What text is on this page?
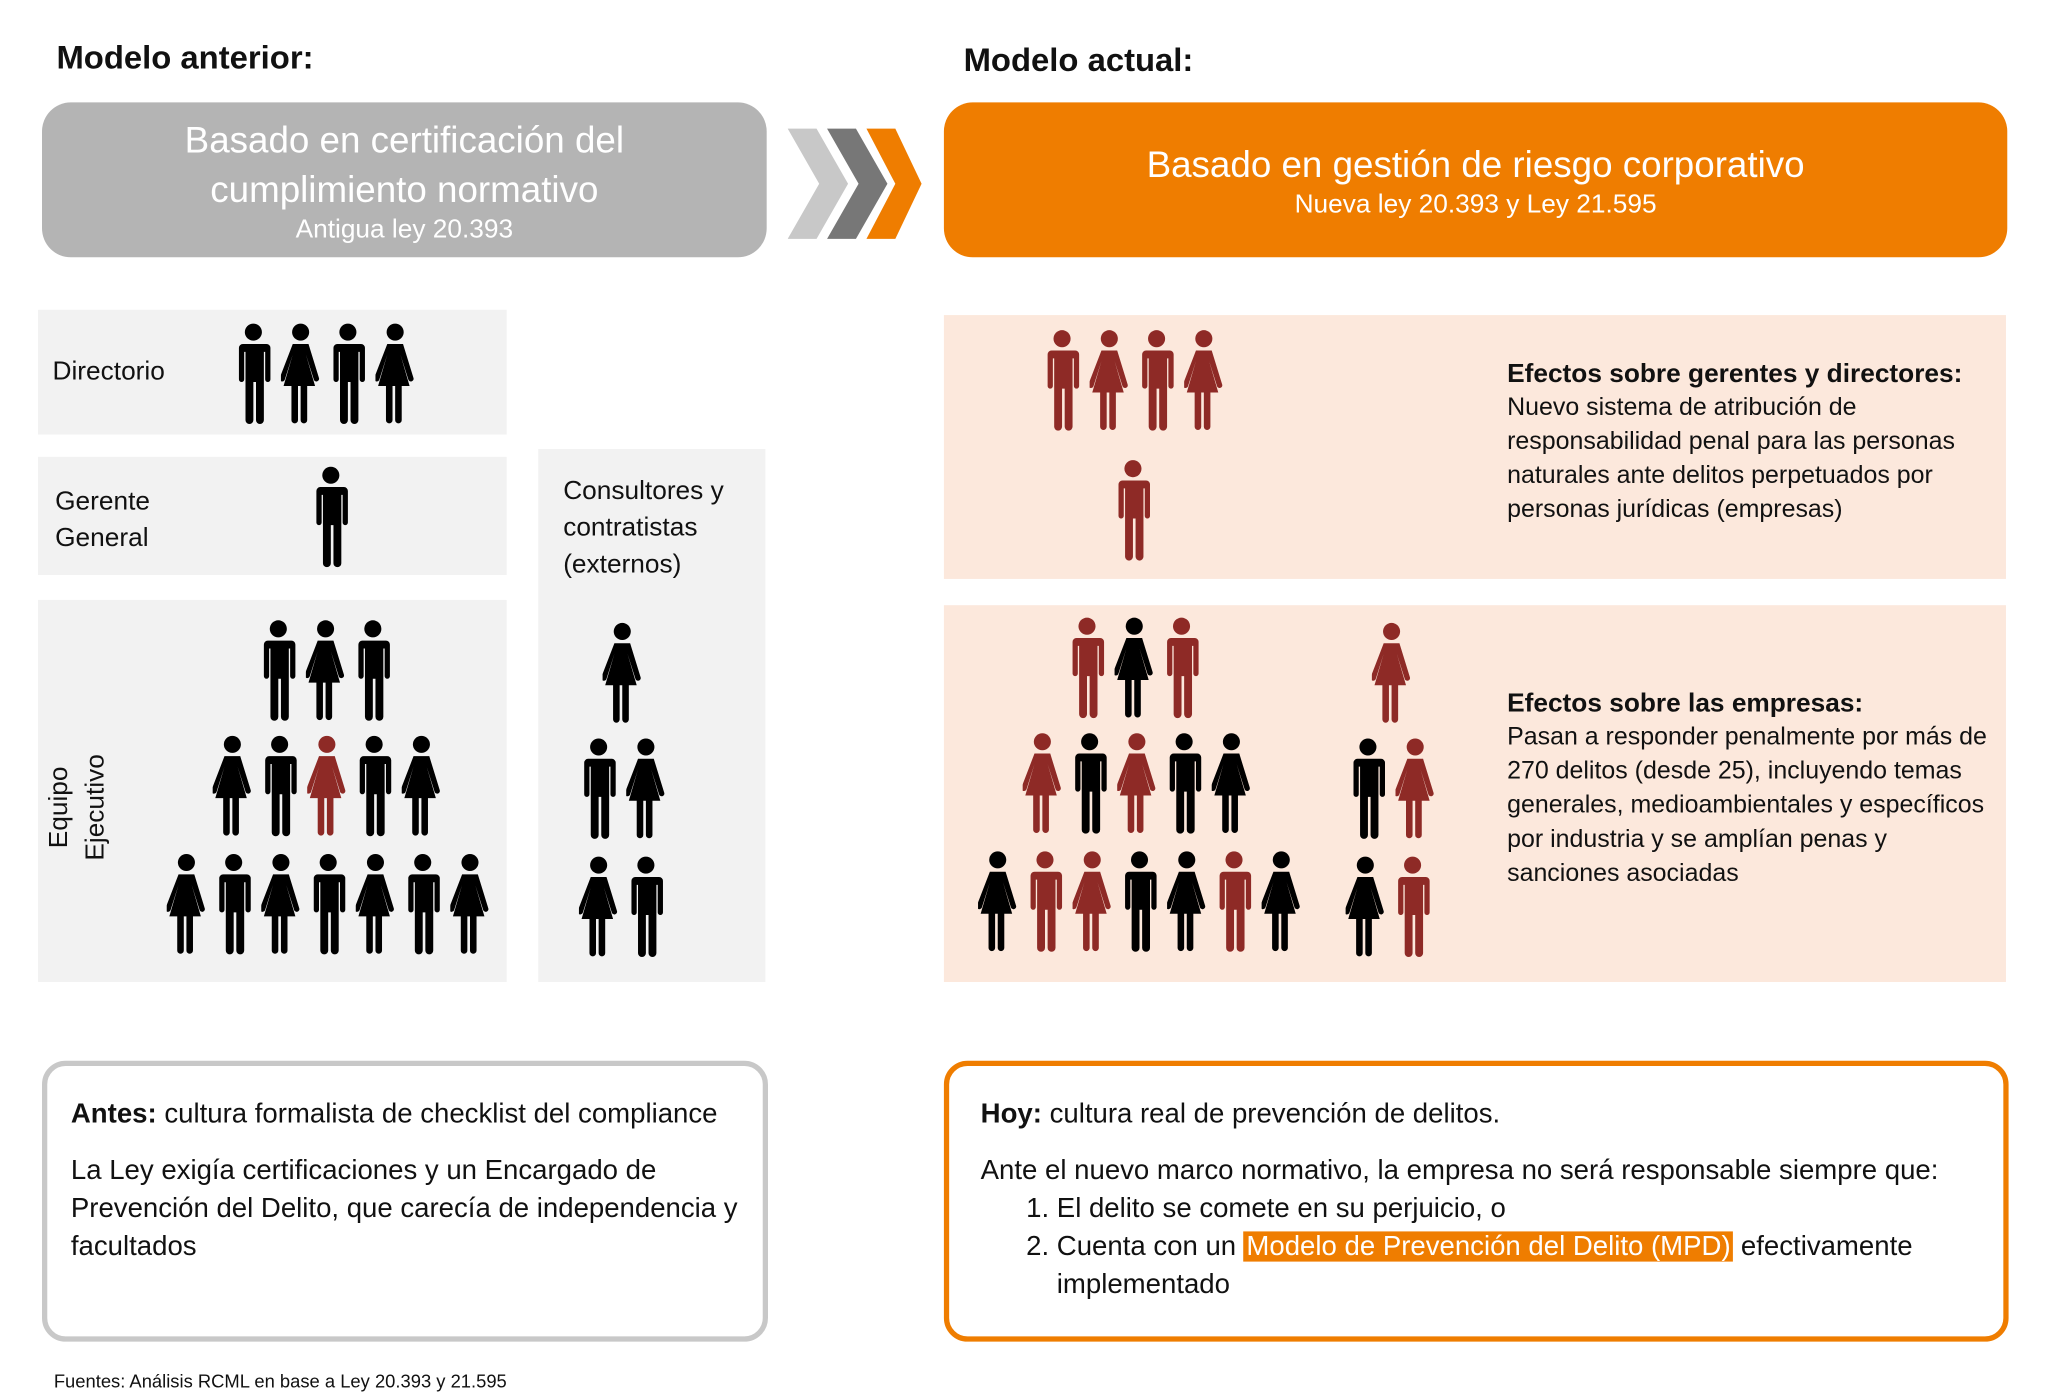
Modelo anterior:	Modelo actual:
Basado en certificación del cumplimiento normativo
Antigua ley 20.393
Basado en gestión de riesgo corporativo
Nueva ley 20.393 y Ley 21.595
Directorio
Gerente General
Equipo Ejecutivo
Consultores y contratistas (externos)
Efectos sobre gerentes y directores:
Nuevo sistema de atribución de responsabilidad penal para las personas naturales ante delitos perpetuados por personas jurídicas (empresas)
Efectos sobre las empresas:
Pasan a responder penalmente por más de 270 delitos (desde 25), incluyendo temas generales, medioambientales y específicos por industria y se amplían penas y sanciones asociadas
Antes: cultura formalista de checklist del compliance
La Ley exigía certificaciones y un Encargado de Prevención del Delito, que carecía de independencia y facultados
Hoy: cultura real de prevención de delitos.
Ante el nuevo marco normativo, la empresa no será responsable siempre que:
1. El delito se comete en su perjuicio, o
2. Cuenta con un Modelo de Prevención del Delito (MPD) efectivamente implementado
Fuentes: Análisis RCML en base a Ley 20.393 y 21.595
